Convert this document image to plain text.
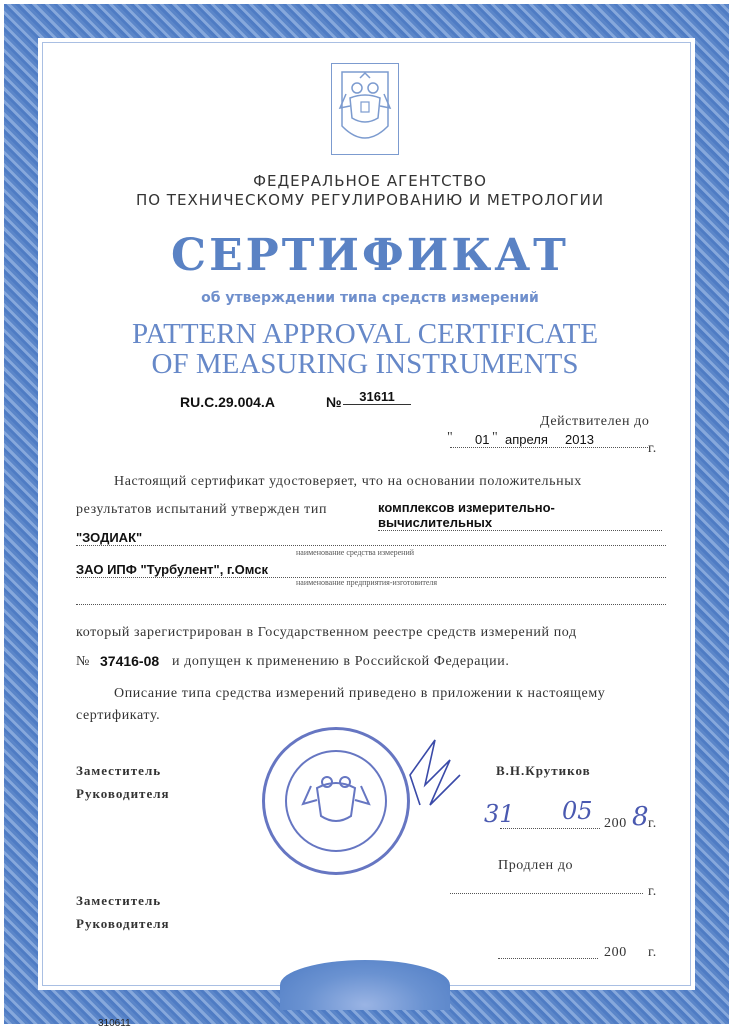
ФЕДЕРАЛЬНОЕ АГЕНТСТВО
ПО ТЕХНИЧЕСКОМУ РЕГУЛИРОВАНИЮ И МЕТРОЛОГИИ
СЕРТИФИКАТ
об утверждении типа средств измерений
PATTERN APPROVAL CERTIFICATE
OF MEASURING INSTRUMENTS
RU.C.29.004.A	№	31611
Действителен до
" 01 " апреля 2013
г.
Настоящий сертификат удостоверяет, что на основании положительных
результатов испытаний утвержден тип	комплексов измерительно-вычислительных
"ЗОДИАК"
наименование средства измерений
ЗАО ИПФ "Турбулент", г.Омск
наименование предприятия-изготовителя
который зарегистрирован в Государственном реестре средств измерений под
№ 37416-08 и допущен к применению в Российской Федерации.
Описание типа средства измерений приведено в приложении к настоящему
сертификату.
Заместитель
Руководителя
В.Н.Крутиков
31 05 200 8 г.
Продлен до
г.
Заместитель
Руководителя
200 г.
310611
